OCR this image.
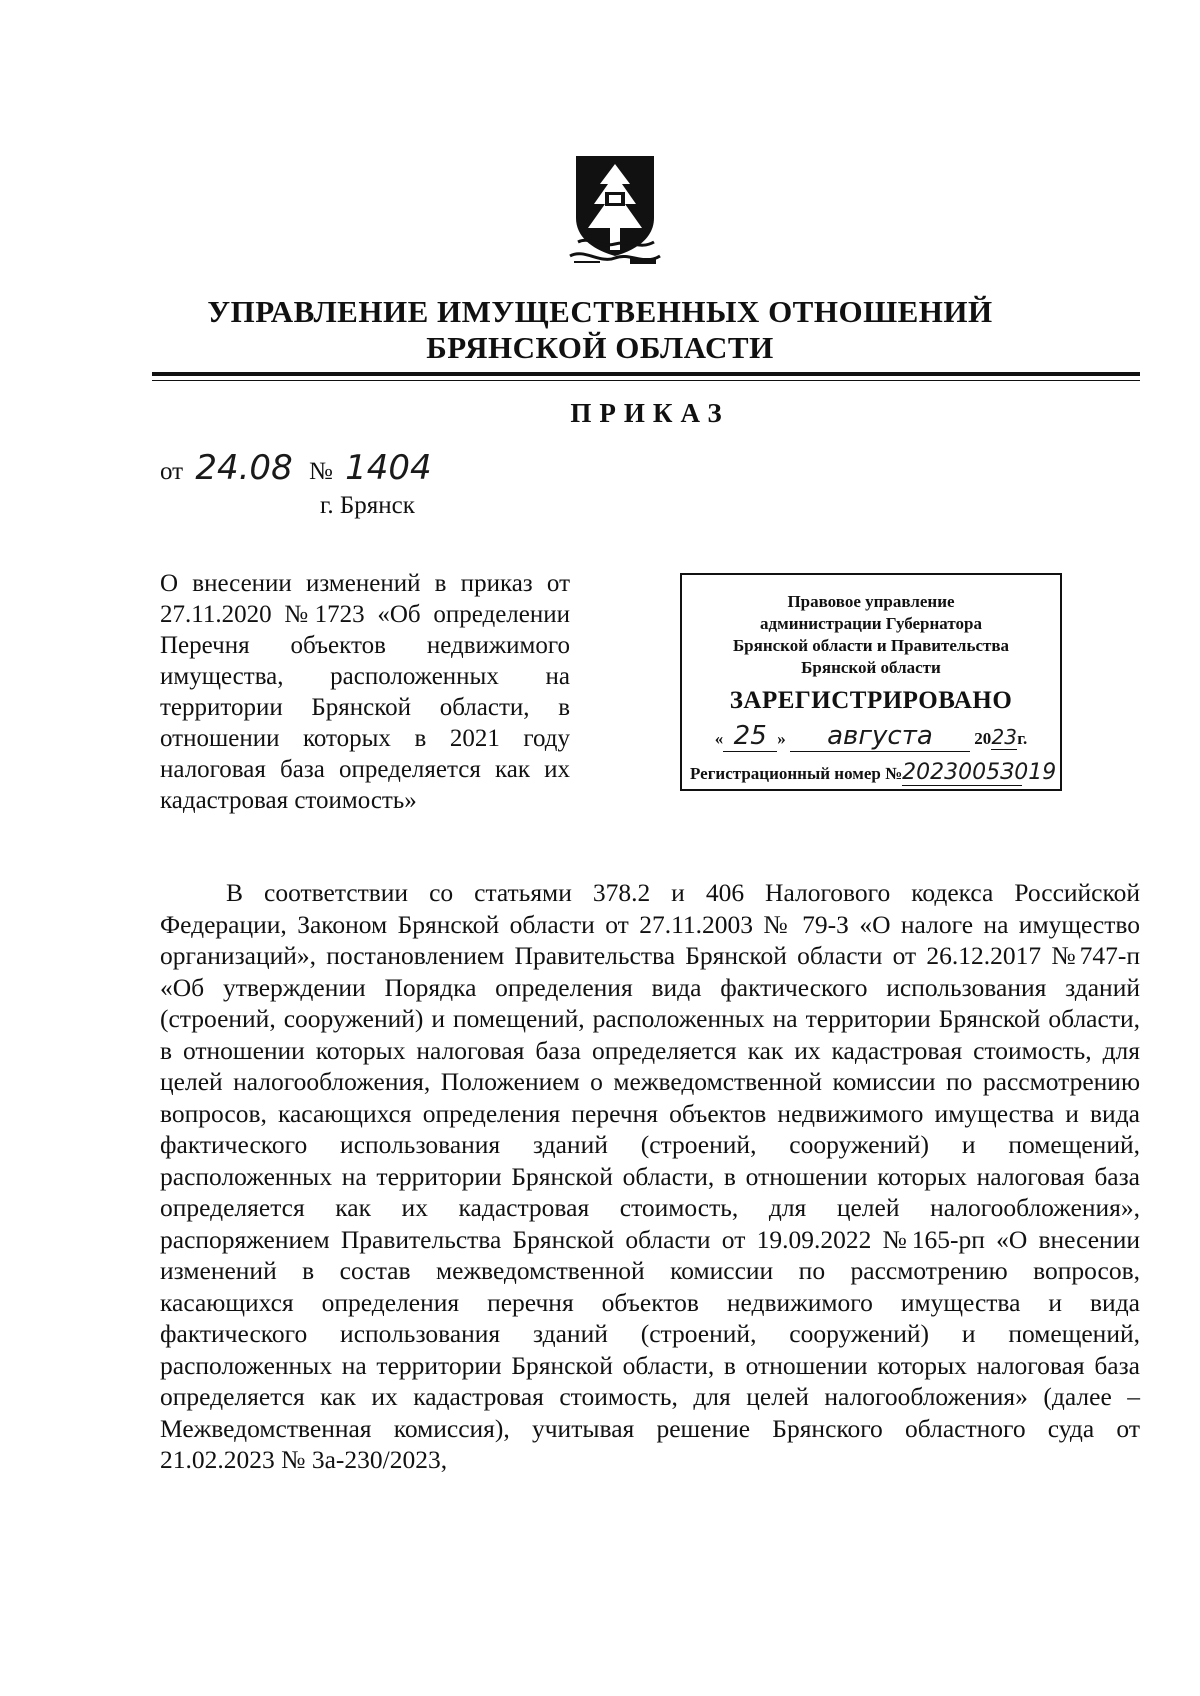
УПРАВЛЕНИЕ ИМУЩЕСТВЕННЫХ ОТНОШЕНИЙ
БРЯНСКОЙ ОБЛАСТИ
ПРИКАЗ
от 24.08 № 1404
г. Брянск
О внесении изменений в приказ от 27.11.2020 №1723 «Об определении Перечня объектов недвижимого имущества, расположенных на территории Брянской области, в отношении которых в 2021 году налоговая база определяется как их кадастровая стоимость»
Правовое управление
администрации Губернатора
Брянской области и Правительства
Брянской области
ЗАРЕГИСТРИРОВАНО
« 25 » августа 2023г.
Регистрационный номер №2023005З019

В соответствии со статьями 378.2 и 406 Налогового кодекса Российской Федерации, Законом Брянской области от 27.11.2003 № 79-З «О налоге на имущество организаций», постановлением Правительства Брянской области от 26.12.2017 №747-п «Об утверждении Порядка определения вида фактического использования зданий (строений, сооружений) и помещений, расположенных на территории Брянской области, в отношении которых налоговая база определяется как их кадастровая стоимость, для целей налогообложения, Положением о межведомственной комиссии по рассмотрению вопросов, касающихся определения перечня объектов недвижимого имущества и вида фактического использования зданий (строений, сооружений) и помещений, расположенных на территории Брянской области, в отношении которых налоговая база определяется как их кадастровая стоимость, для целей налогообложения», распоряжением Правительства Брянской области от 19.09.2022 №165-рп «О внесении изменений в состав межведомственной комиссии по рассмотрению вопросов, касающихся определения перечня объектов недвижимого имущества и вида фактического использования зданий (строений, сооружений) и помещений, расположенных на территории Брянской области, в отношении которых налоговая база определяется как их кадастровая стоимость, для целей налогообложения» (далее – Межведомственная комиссия), учитывая решение Брянского областного суда от 21.02.2023 № 3а-230/2023,
